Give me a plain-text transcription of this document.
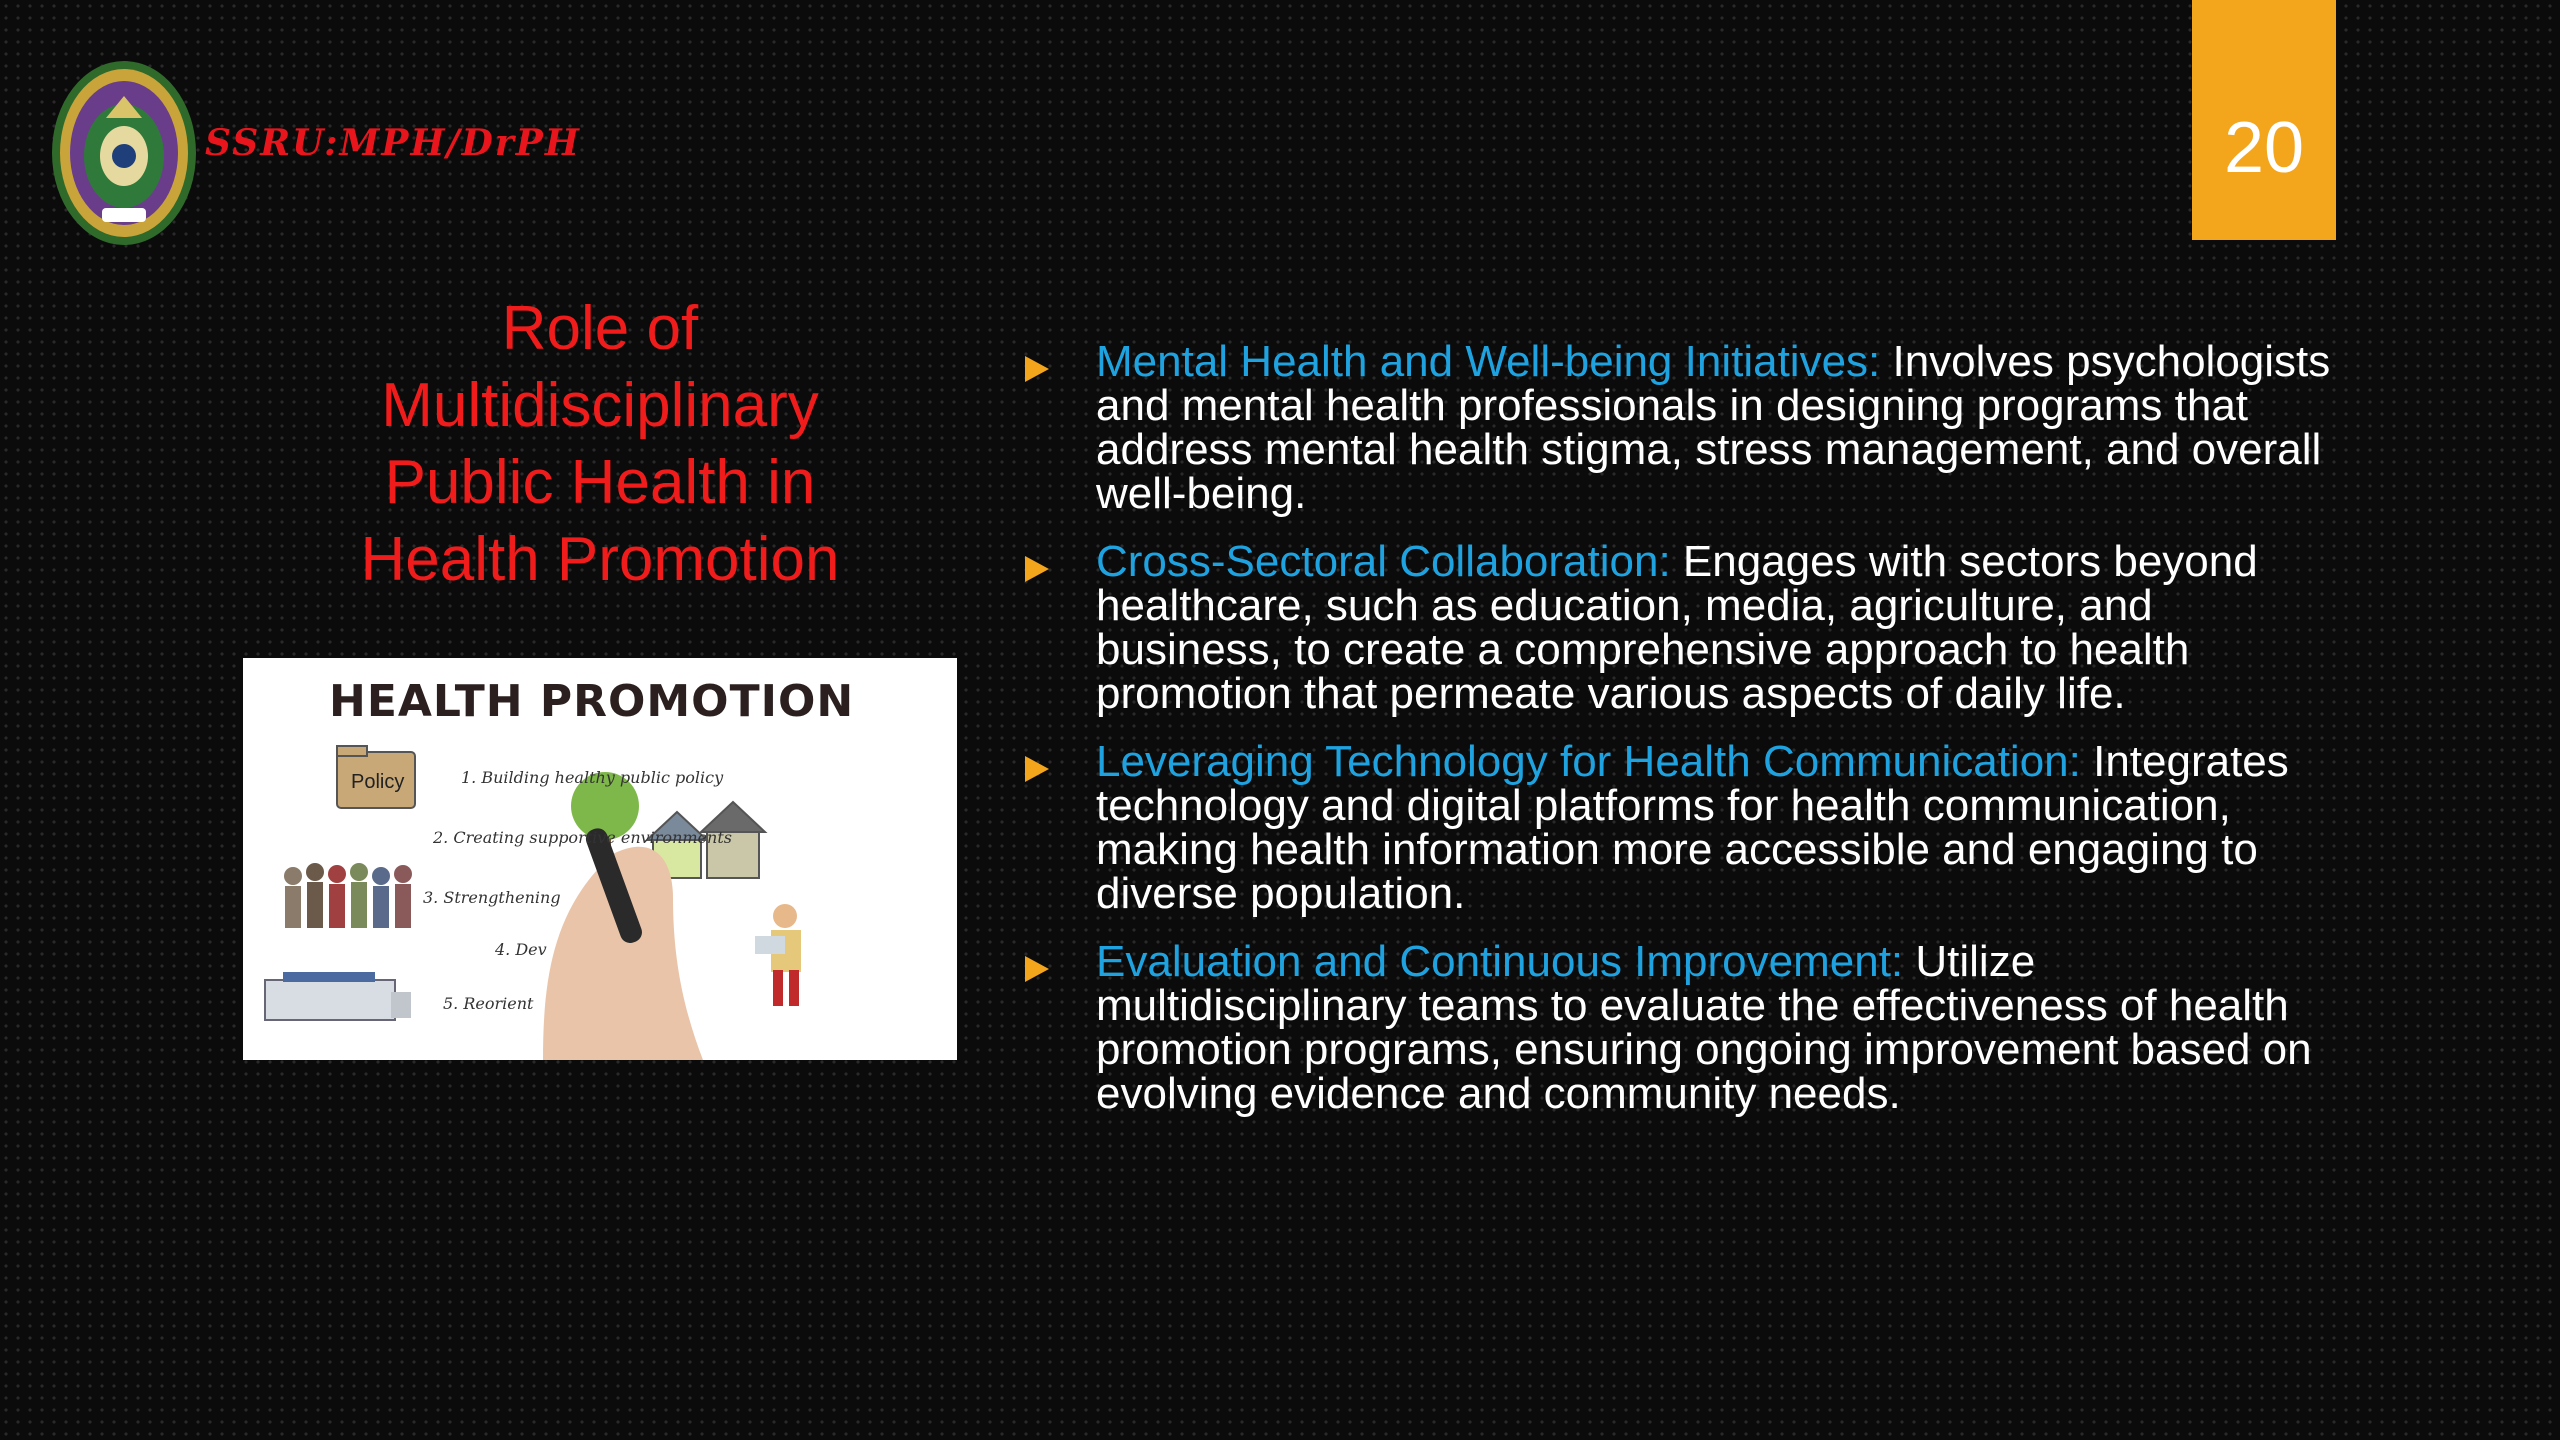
SSRU:MPH/DrPH	20
Role of
Multidisciplinary
Public Health in
Health Promotion
HEALTH PROMOTION
Policy	1. Building healthy public policy
2. Creating supportive environments
3. Strengthening
4. Dev
5. Reorient
Mental Health and Well-being Initiatives: Involves psychologists and mental health professionals in designing programs that address mental health stigma, stress management, and overall well-being.
Cross-Sectoral Collaboration: Engages with sectors beyond healthcare, such as education, media, agriculture, and business, to create a comprehensive approach to health promotion that permeate various aspects of daily life.
Leveraging Technology for Health Communication: Integrates technology and digital platforms for health communication, making health information more accessible and engaging to diverse population.
Evaluation and Continuous Improvement: Utilize multidisciplinary teams to evaluate the effectiveness of health promotion programs, ensuring ongoing improvement based on evolving evidence and community needs.
